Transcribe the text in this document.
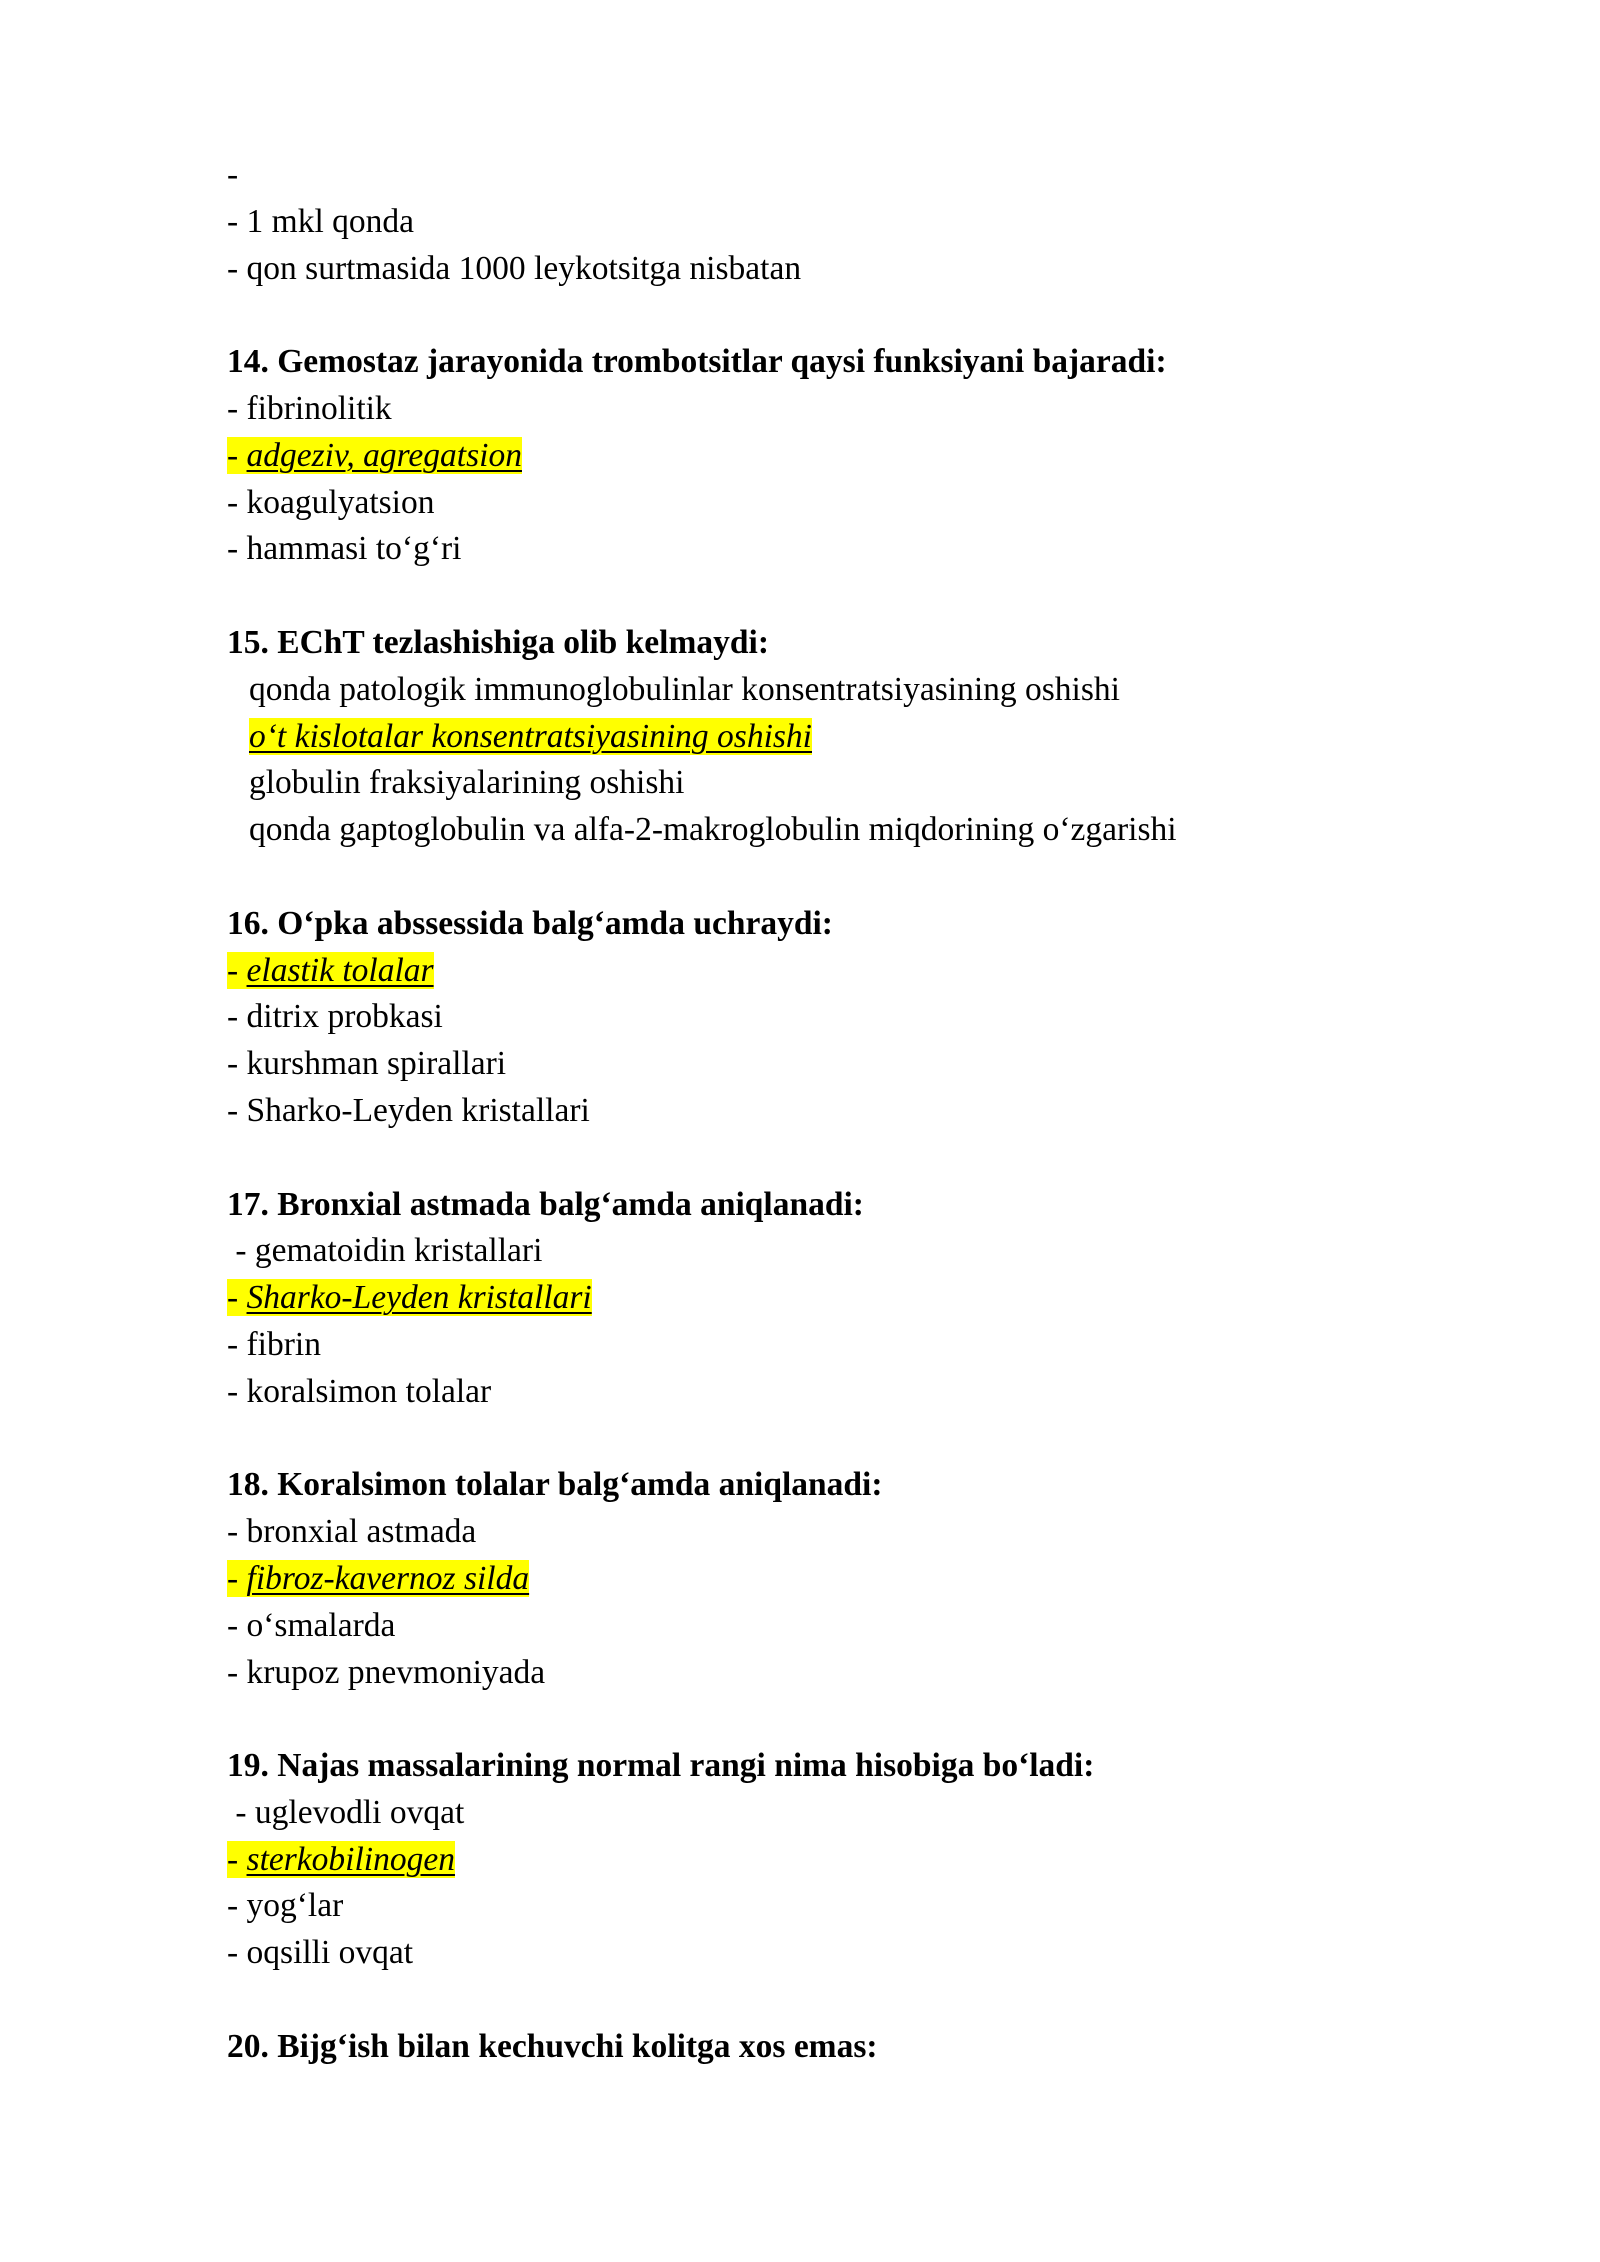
-
- 1 mkl qonda
- qon surtmasida 1000 leykotsitga nisbatan
14. Gemostaz jarayonida trombotsitlar qaysi funksiyani bajaradi:
- fibrinolitik
- adgeziv, agregatsion
- koagulyatsion
- hammasi to‘g‘ri
15. EChT tezlashishiga olib kelmaydi:
qonda patologik immunoglobulinlar konsentratsiyasining oshishi
o‘t kislotalar konsentratsiyasining oshishi
globulin fraksiyalarining oshishi
qonda gaptoglobulin va alfa-2-makroglobulin miqdorining o‘zgarishi
16. O‘pka abssessida balg‘amda uchraydi:
- elastik tolalar
- ditrix probkasi
- kurshman spirallari
- Sharko-Leyden kristallari
17. Bronxial astmada balg‘amda aniqlanadi:
- gematoidin kristallari
- Sharko-Leyden kristallari
- fibrin
- koralsimon tolalar
18. Koralsimon tolalar balg‘amda aniqlanadi:
- bronxial astmada
- fibroz-kavernoz silda
- o‘smalarda
- krupoz pnevmoniyada
19. Najas massalarining normal rangi nima hisobiga bo‘ladi:
- uglevodli ovqat
- sterkobilinogen
- yog‘lar
- oqsilli ovqat
20. Bijg‘ish bilan kechuvchi kolitga xos emas:
